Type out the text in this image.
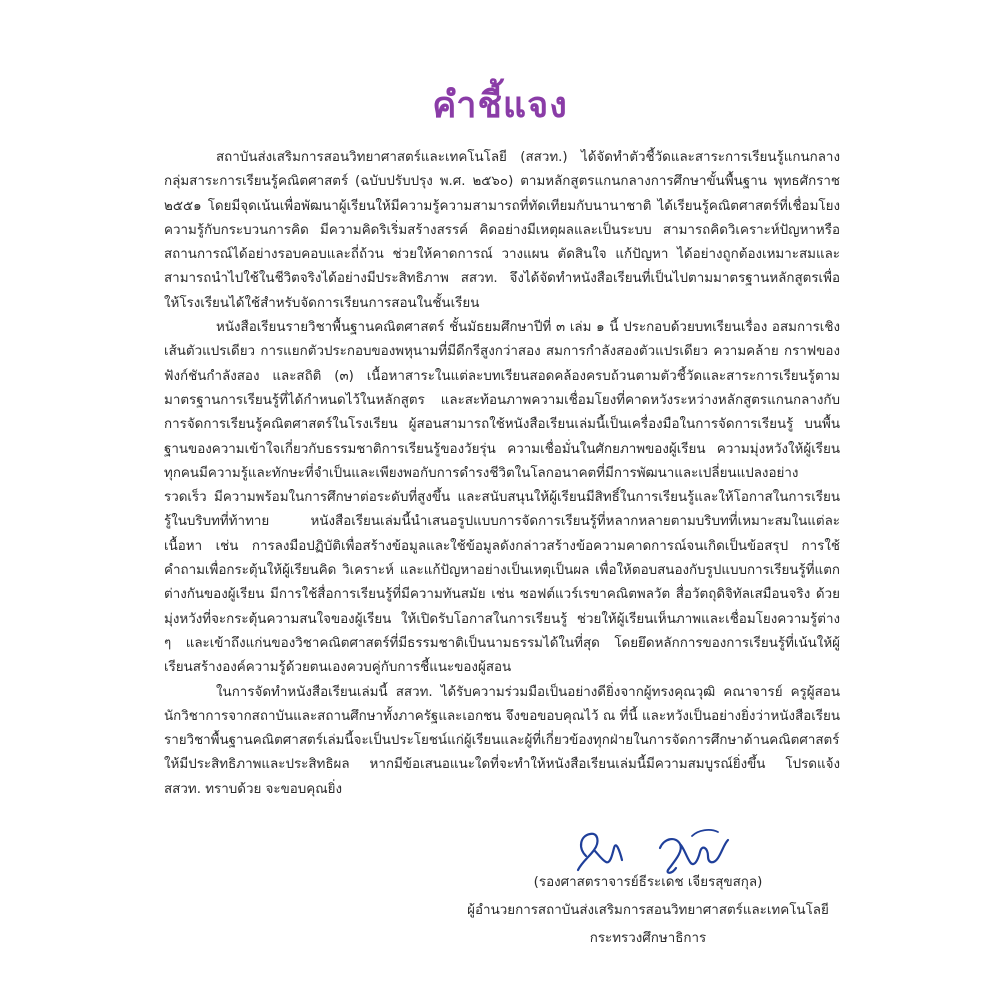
คำชี้แจง

สถาบันส่งเสริมการสอนวิทยาศาสตร์และเทคโนโลยี (สสวท.) ได้จัดทำตัวชี้วัดและสาระการเรียนรู้แกนกลาง กลุ่มสาระการเรียนรู้คณิตศาสตร์ (ฉบับปรับปรุง พ.ศ. ๒๕๖๐) ตามหลักสูตรแกนกลางการศึกษาขั้นพื้นฐาน พุทธศักราช ๒๕๕๑ โดยมีจุดเน้นเพื่อพัฒนาผู้เรียนให้มีความรู้ความสามารถที่ทัดเทียมกับนานาชาติ ได้เรียนรู้คณิตศาสตร์ที่เชื่อมโยงความรู้กับกระบวนการคิด มีความคิดริเริ่มสร้างสรรค์ คิดอย่างมีเหตุผลและเป็นระบบ สามารถคิดวิเคราะห์ปัญหาหรือสถานการณ์ได้อย่างรอบคอบและถี่ถ้วน ช่วยให้คาดการณ์ วางแผน ตัดสินใจ แก้ปัญหา ได้อย่างถูกต้องเหมาะสมและสามารถนำไปใช้ในชีวิตจริงได้อย่างมีประสิทธิภาพ สสวท. จึงได้จัดทำหนังสือเรียนที่เป็นไปตามมาตรฐานหลักสูตรเพื่อให้โรงเรียนได้ใช้สำหรับจัดการเรียนการสอนในชั้นเรียน

หนังสือเรียนรายวิชาพื้นฐานคณิตศาสตร์ ชั้นมัธยมศึกษาปีที่ ๓ เล่ม ๑ นี้ ประกอบด้วยบทเรียนเรื่อง อสมการเชิงเส้นตัวแปรเดียว การแยกตัวประกอบของพหุนามที่มีดีกรีสูงกว่าสอง สมการกำลังสองตัวแปรเดียว ความคล้าย กราฟของฟังก์ชันกำลังสอง และสถิติ (๓) เนื้อหาสาระในแต่ละบทเรียนสอดคล้องครบถ้วนตามตัวชี้วัดและสาระการเรียนรู้ตามมาตรฐานการเรียนรู้ที่ได้กำหนดไว้ในหลักสูตร และสะท้อนภาพความเชื่อมโยงที่คาดหวังระหว่างหลักสูตรแกนกลางกับการจัดการเรียนรู้คณิตศาสตร์ในโรงเรียน ผู้สอนสามารถใช้หนังสือเรียนเล่มนี้เป็นเครื่องมือในการจัดการเรียนรู้ บนพื้นฐานของความเข้าใจเกี่ยวกับธรรมชาติการเรียนรู้ของวัยรุ่น ความเชื่อมั่นในศักยภาพของผู้เรียน ความมุ่งหวังให้ผู้เรียนทุกคนมีความรู้และทักษะที่จำเป็นและเพียงพอกับการดำรงชีวิตในโลกอนาคตที่มีการพัฒนาและเปลี่ยนแปลงอย่างรวดเร็ว มีความพร้อมในการศึกษาต่อระดับที่สูงขึ้น และสนับสนุนให้ผู้เรียนมีสิทธิ์ในการเรียนรู้และให้โอกาสในการเรียนรู้ในบริบทที่ท้าทาย หนังสือเรียนเล่มนี้นำเสนอรูปแบบการจัดการเรียนรู้ที่หลากหลายตามบริบทที่เหมาะสมในแต่ละเนื้อหา เช่น การลงมือปฏิบัติเพื่อสร้างข้อมูลและใช้ข้อมูลดังกล่าวสร้างข้อความคาดการณ์จนเกิดเป็นข้อสรุป การใช้คำถามเพื่อกระตุ้นให้ผู้เรียนคิด วิเคราะห์ และแก้ปัญหาอย่างเป็นเหตุเป็นผล เพื่อให้ตอบสนองกับรูปแบบการเรียนรู้ที่แตกต่างกันของผู้เรียน มีการใช้สื่อการเรียนรู้ที่มีความทันสมัย เช่น ซอฟต์แวร์เรขาคณิตพลวัต สื่อวัตถุดิจิทัลเสมือนจริง ด้วยมุ่งหวังที่จะกระตุ้นความสนใจของผู้เรียน ให้เปิดรับโอกาสในการเรียนรู้ ช่วยให้ผู้เรียนเห็นภาพและเชื่อมโยงความรู้ต่าง ๆ และเข้าถึงแก่นของวิชาคณิตศาสตร์ที่มีธรรมชาติเป็นนามธรรมได้ในที่สุด โดยยึดหลักการของการเรียนรู้ที่เน้นให้ผู้เรียนสร้างองค์ความรู้ด้วยตนเองควบคู่กับการชี้แนะของผู้สอน

ในการจัดทำหนังสือเรียนเล่มนี้ สสวท. ได้รับความร่วมมือเป็นอย่างดียิ่งจากผู้ทรงคุณวุฒิ คณาจารย์ ครูผู้สอน นักวิชาการจากสถาบันและสถานศึกษาทั้งภาครัฐและเอกชน จึงขอขอบคุณไว้ ณ ที่นี้ และหวังเป็นอย่างยิ่งว่าหนังสือเรียนรายวิชาพื้นฐานคณิตศาสตร์เล่มนี้จะเป็นประโยชน์แก่ผู้เรียนและผู้ที่เกี่ยวข้องทุกฝ่ายในการจัดการศึกษาด้านคณิตศาสตร์ให้มีประสิทธิภาพและประสิทธิผล หากมีข้อเสนอแนะใดที่จะทำให้หนังสือเรียนเล่มนี้มีความสมบูรณ์ยิ่งขึ้น โปรดแจ้ง สสวท. ทราบด้วย จะขอบคุณยิ่ง

(รองศาสตราจารย์ธีระเดช เจียรสุขสกุล)
ผู้อำนวยการสถาบันส่งเสริมการสอนวิทยาศาสตร์และเทคโนโลยี
กระทรวงศึกษาธิการ
